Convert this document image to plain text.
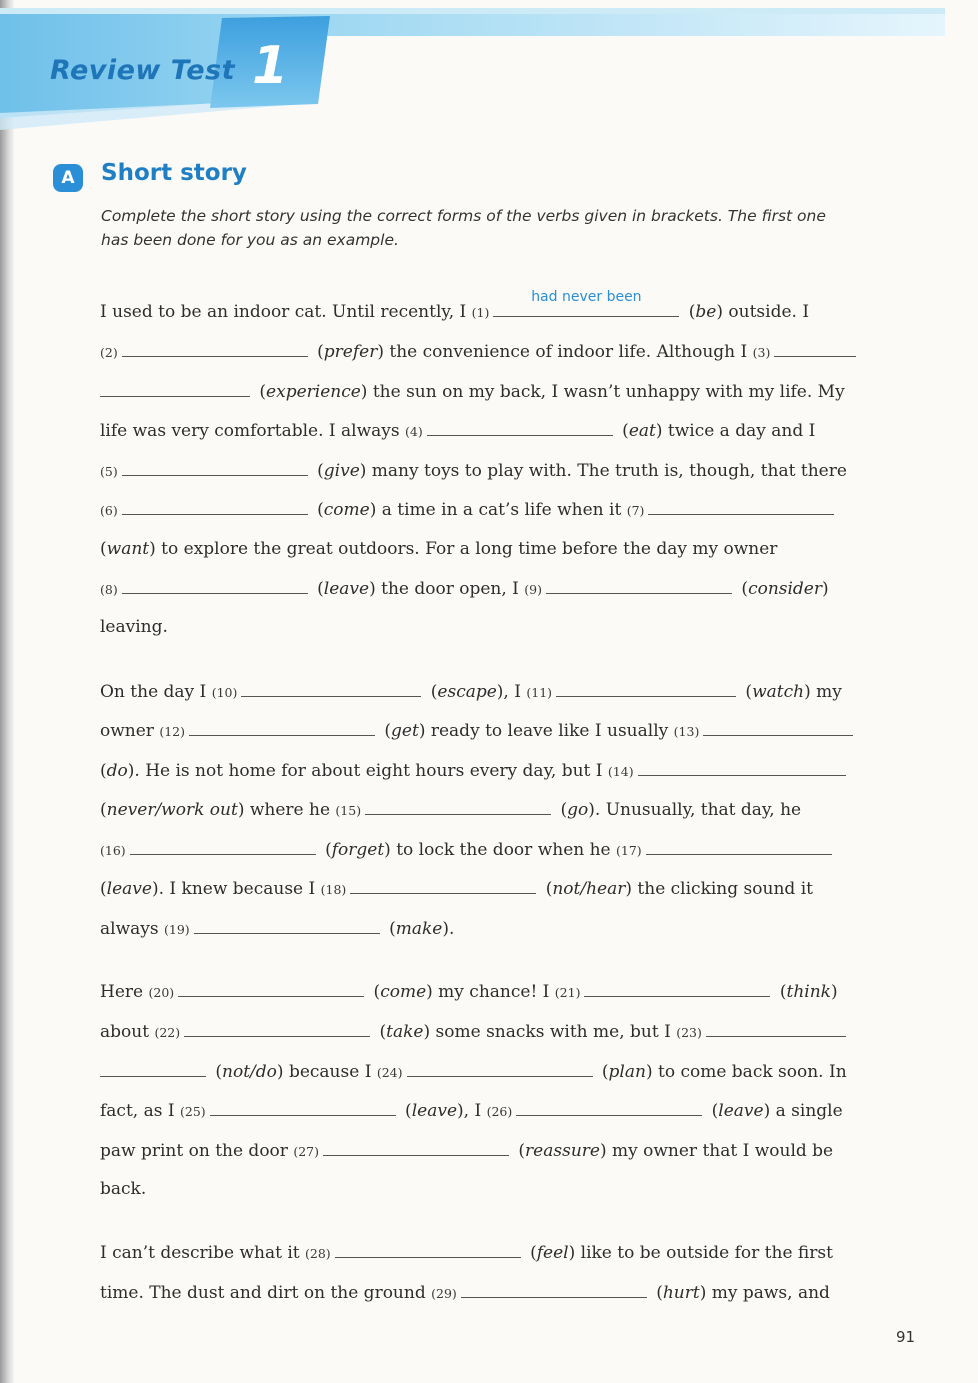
Review Test 1
A	Short story
Complete the short story using the correct forms of the verbs given in brackets. The first one has been done for you as an example.
I used to be an indoor cat. Until recently, I (1)
had never been
(be) outside. I
(2)	(prefer) the convenience of indoor life. Although I (3)
(experience) the sun on my back, I wasn’t unhappy with my life. My
life was very comfortable. I always (4)	(eat) twice a day and I
(5)	(give) many toys to play with. The truth is, though, that there
(6)	(come) a time in a cat’s life when it (7)
(want) to explore the great outdoors. For a long time before the day my owner
(8)	(leave) the door open, I (9)	(consider)
leaving.
On the day I (10)	(escape), I (11)	(watch) my
owner (12)	(get) ready to leave like I usually (13)
(do). He is not home for about eight hours every day, but I (14)
(never/work out) where he (15)	(go). Unusually, that day, he
(16)	(forget) to lock the door when he (17)
(leave). I knew because I (18)	(not/hear) the clicking sound it
always (19)	(make).
Here (20)	(come) my chance! I (21)	(think)
about (22)	(take) some snacks with me, but I (23)
(not/do) because I (24)	(plan) to come back soon. In
fact, as I (25)	(leave), I (26)	(leave) a single
paw print on the door (27)	(reassure) my owner that I would be
back.
I can’t describe what it (28)	(feel) like to be outside for the first
time. The dust and dirt on the ground (29)	(hurt) my paws, and
91
